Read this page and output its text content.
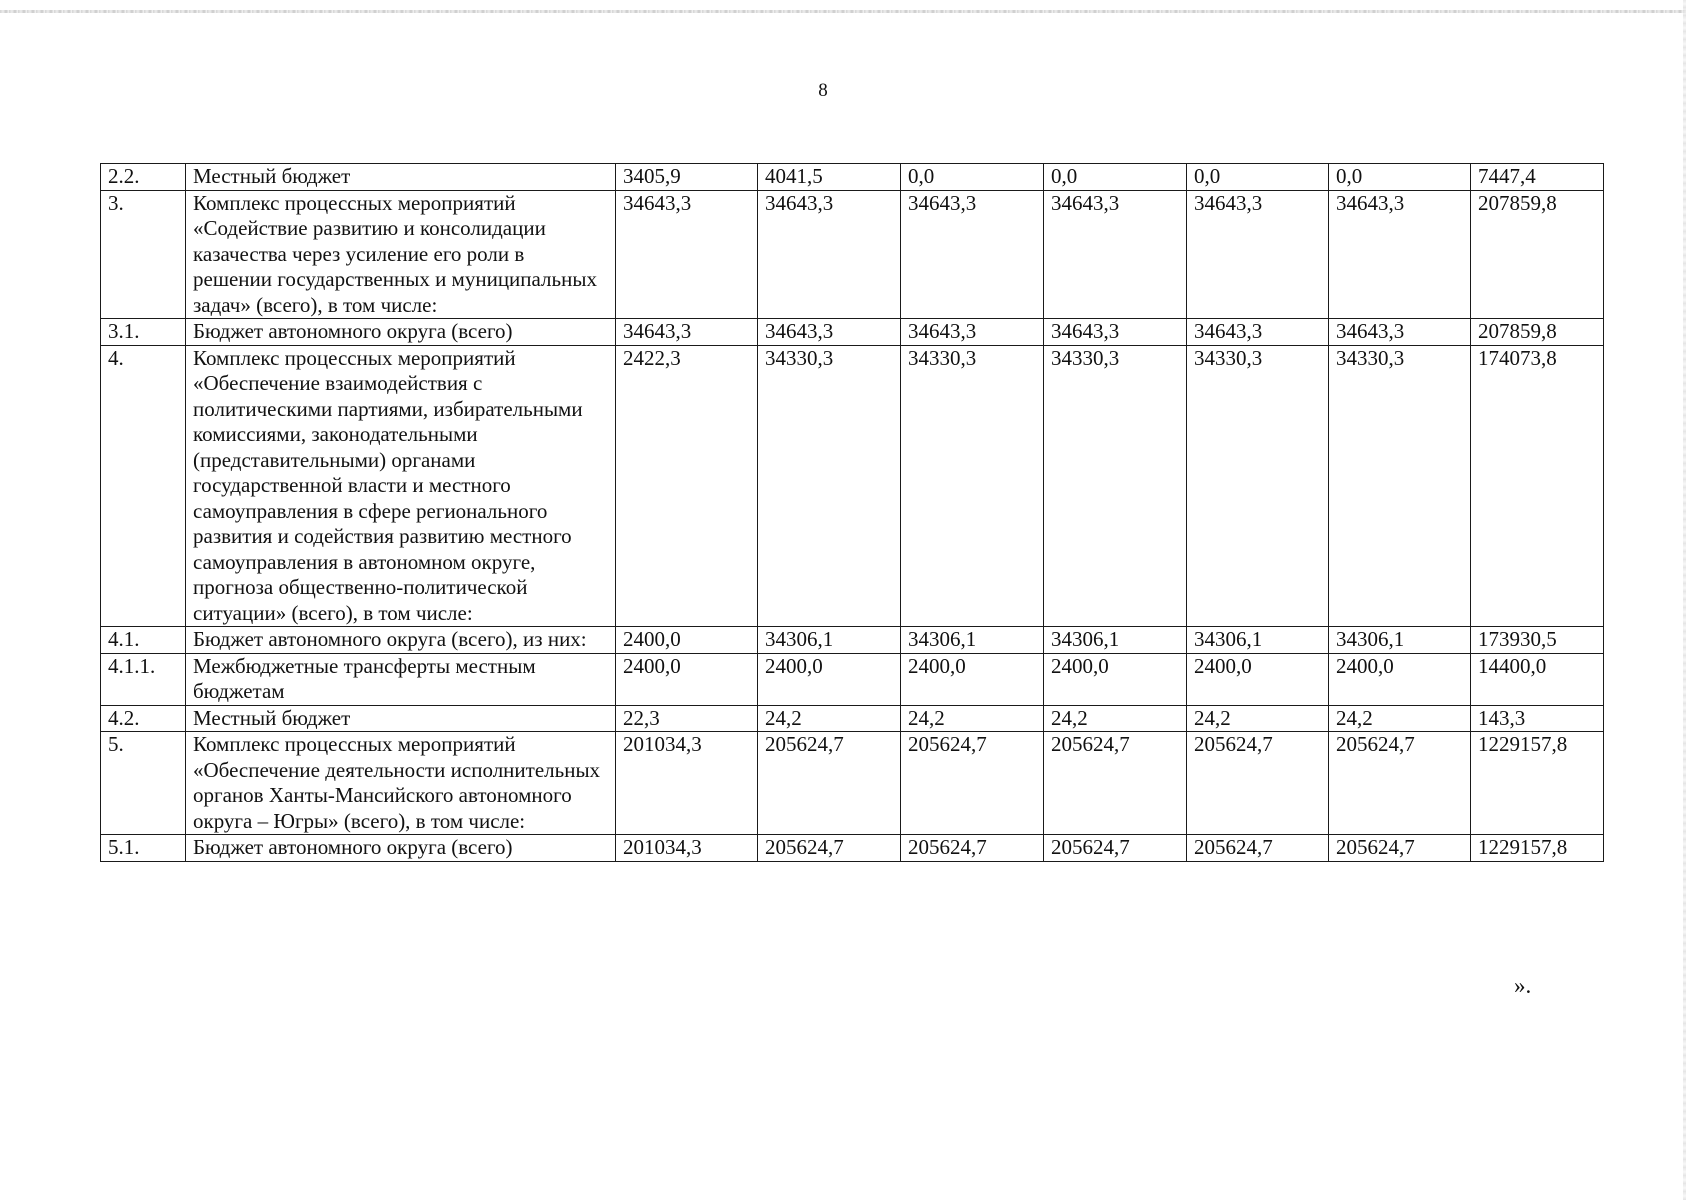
8
2.2.	Местный бюджет	3405,9	4041,5	0,0	0,0	0,0	0,0	7447,4
3.	Комплекс процессных мероприятий «Содействие развитию и консолидации казачества через усиление его роли в решении государственных и муниципальных задач» (всего), в том числе:	34643,3	34643,3	34643,3	34643,3	34643,3	34643,3	207859,8
3.1.	Бюджет автономного округа (всего)	34643,3	34643,3	34643,3	34643,3	34643,3	34643,3	207859,8
4.	Комплекс процессных мероприятий «Обеспечение взаимодействия с политическими партиями, избирательными комиссиями, законодательными (представительными) органами государственной власти и местного самоуправления в сфере регионального развития и содействия развитию местного самоуправления в автономном округе, прогноза общественно-политической ситуации» (всего), в том числе:	2422,3	34330,3	34330,3	34330,3	34330,3	34330,3	174073,8
4.1.	Бюджет автономного округа (всего), из них:	2400,0	34306,1	34306,1	34306,1	34306,1	34306,1	173930,5
4.1.1.	Межбюджетные трансферты местным бюджетам	2400,0	2400,0	2400,0	2400,0	2400,0	2400,0	14400,0
4.2.	Местный бюджет	22,3	24,2	24,2	24,2	24,2	24,2	143,3
5.	Комплекс процессных мероприятий «Обеспечение деятельности исполнительных органов Ханты-Мансийского автономного округа – Югры» (всего), в том числе:	201034,3	205624,7	205624,7	205624,7	205624,7	205624,7	1229157,8
5.1.	Бюджет автономного округа (всего)	201034,3	205624,7	205624,7	205624,7	205624,7	205624,7	1229157,8
».
